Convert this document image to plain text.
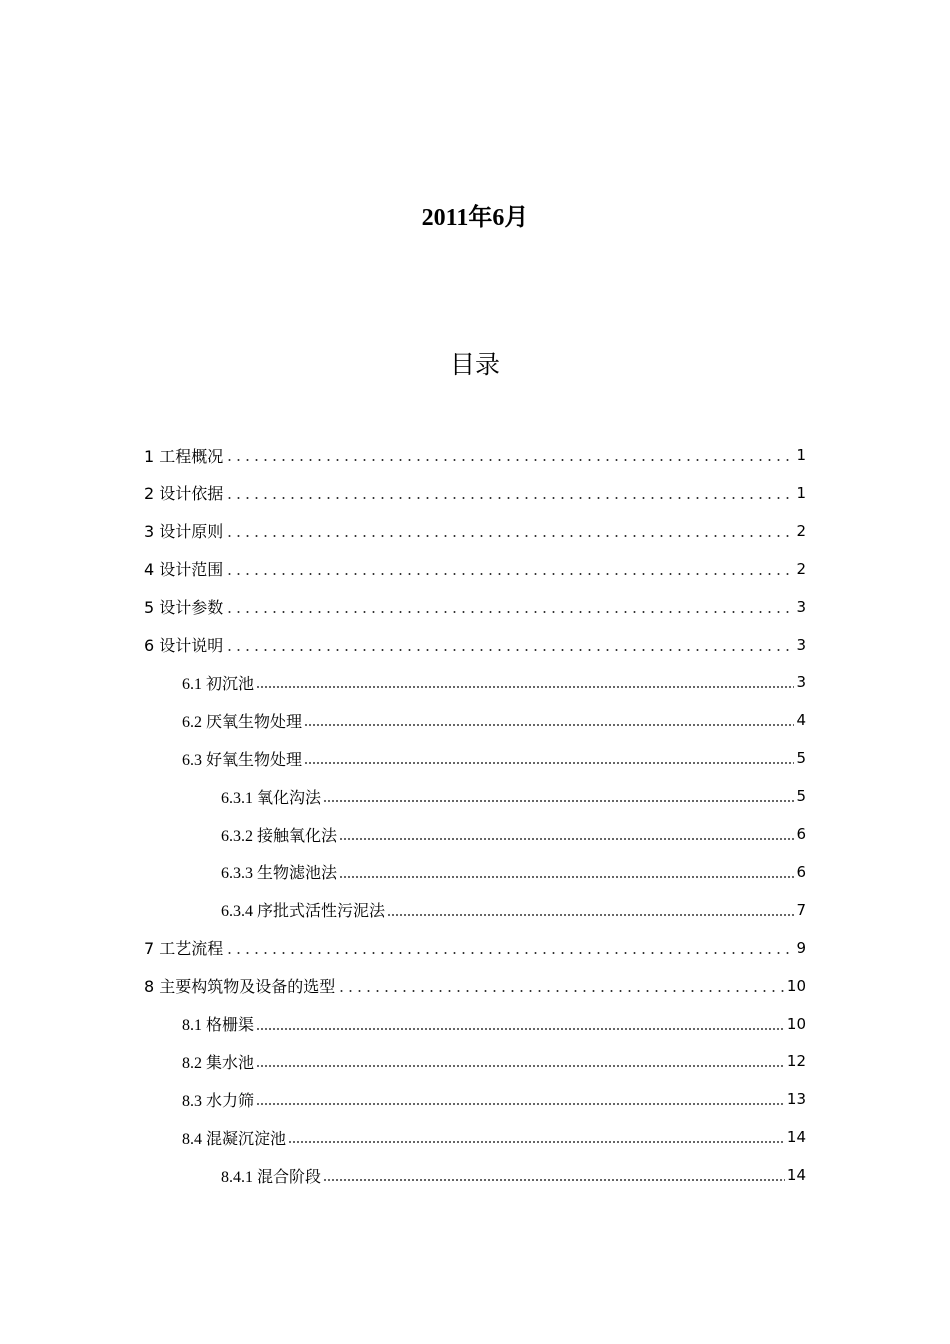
2011年6月
目录
1 工程概况	1
2 设计依据	1
3 设计原则	2
4 设计范围	2
5 设计参数	3
6 设计说明	3
6.1 初沉池	3
6.2 厌氧生物处理	4
6.3 好氧生物处理	5
6.3.1 氧化沟法	5
6.3.2 接触氧化法	6
6.3.3 生物滤池法	6
6.3.4 序批式活性污泥法	7
7 工艺流程	9
8 主要构筑物及设备的选型	10
8.1 格栅渠	10
8.2 集水池	12
8.3 水力筛	13
8.4 混凝沉淀池	14
8.4.1 混合阶段	14
